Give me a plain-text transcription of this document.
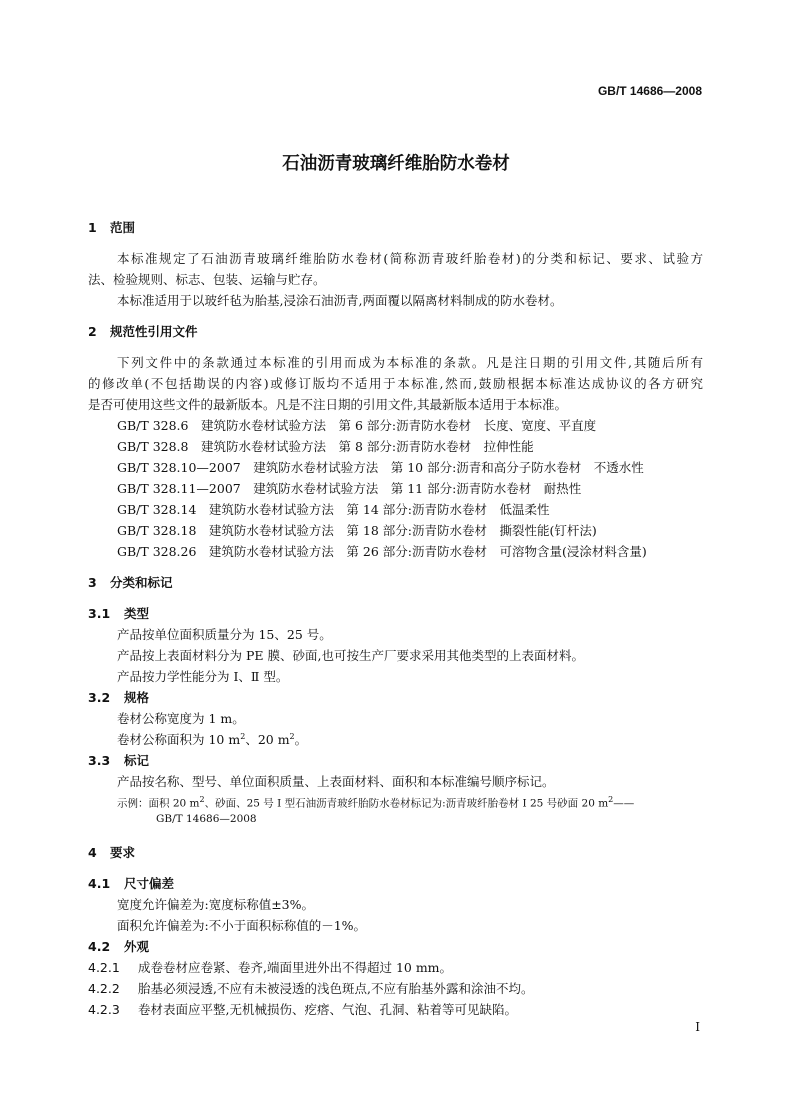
GB/T 14686—2008
石油沥青玻璃纤维胎防水卷材
1 范围
本标准规定了石油沥青玻璃纤维胎防水卷材(简称沥青玻纤胎卷材)的分类和标记、要求、试验方
法、检验规则、标志、包装、运输与贮存。
本标准适用于以玻纤毡为胎基,浸涂石油沥青,两面覆以隔离材料制成的防水卷材。
2 规范性引用文件
下列文件中的条款通过本标准的引用而成为本标准的条款。凡是注日期的引用文件,其随后所有
的修改单(不包括勘误的内容)或修订版均不适用于本标准,然而,鼓励根据本标准达成协议的各方研究
是否可使用这些文件的最新版本。凡是不注日期的引用文件,其最新版本适用于本标准。
GB/T 328.6　建筑防水卷材试验方法　第 6 部分:沥青防水卷材　长度、宽度、平直度
GB/T 328.8　建筑防水卷材试验方法　第 8 部分:沥青防水卷材　拉伸性能
GB/T 328.10—2007　建筑防水卷材试验方法　第 10 部分:沥青和高分子防水卷材　不透水性
GB/T 328.11—2007　建筑防水卷材试验方法　第 11 部分:沥青防水卷材　耐热性
GB/T 328.14　建筑防水卷材试验方法　第 14 部分:沥青防水卷材　低温柔性
GB/T 328.18　建筑防水卷材试验方法　第 18 部分:沥青防水卷材　撕裂性能(钉杆法)
GB/T 328.26　建筑防水卷材试验方法　第 26 部分:沥青防水卷材　可溶物含量(浸涂材料含量)
3 分类和标记
3.1 类型
产品按单位面积质量分为 15、25 号。
产品按上表面材料分为 PE 膜、砂面,也可按生产厂要求采用其他类型的上表面材料。
产品按力学性能分为 Ⅰ、Ⅱ 型。
3.2 规格
卷材公称宽度为 1 m。
卷材公称面积为 10 $m^2$、20 $m^2$。
3.3 标记
产品按名称、型号、单位面积质量、上表面材料、面积和本标准编号顺序标记。
示例：面积 20 $m^2$、砂面、25 号 Ⅰ 型石油沥青玻纤胎防水卷材标记为:沥青玻纤胎卷材 Ⅰ 25 号砂面 20 $m^2——$
GB/T 14686—2008
4 要求
4.1 尺寸偏差
宽度允许偏差为:宽度标称值±3%。
面积允许偏差为:不小于面积标称值的－1%。
4.2 外观
4.2.1 成卷卷材应卷紧、卷齐,端面里进外出不得超过 10 mm。
4.2.2 胎基必须浸透,不应有未被浸透的浅色斑点,不应有胎基外露和涂油不均。
4.2.3 卷材表面应平整,无机械损伤、疙瘩、气泡、孔洞、粘着等可见缺陷。
I
